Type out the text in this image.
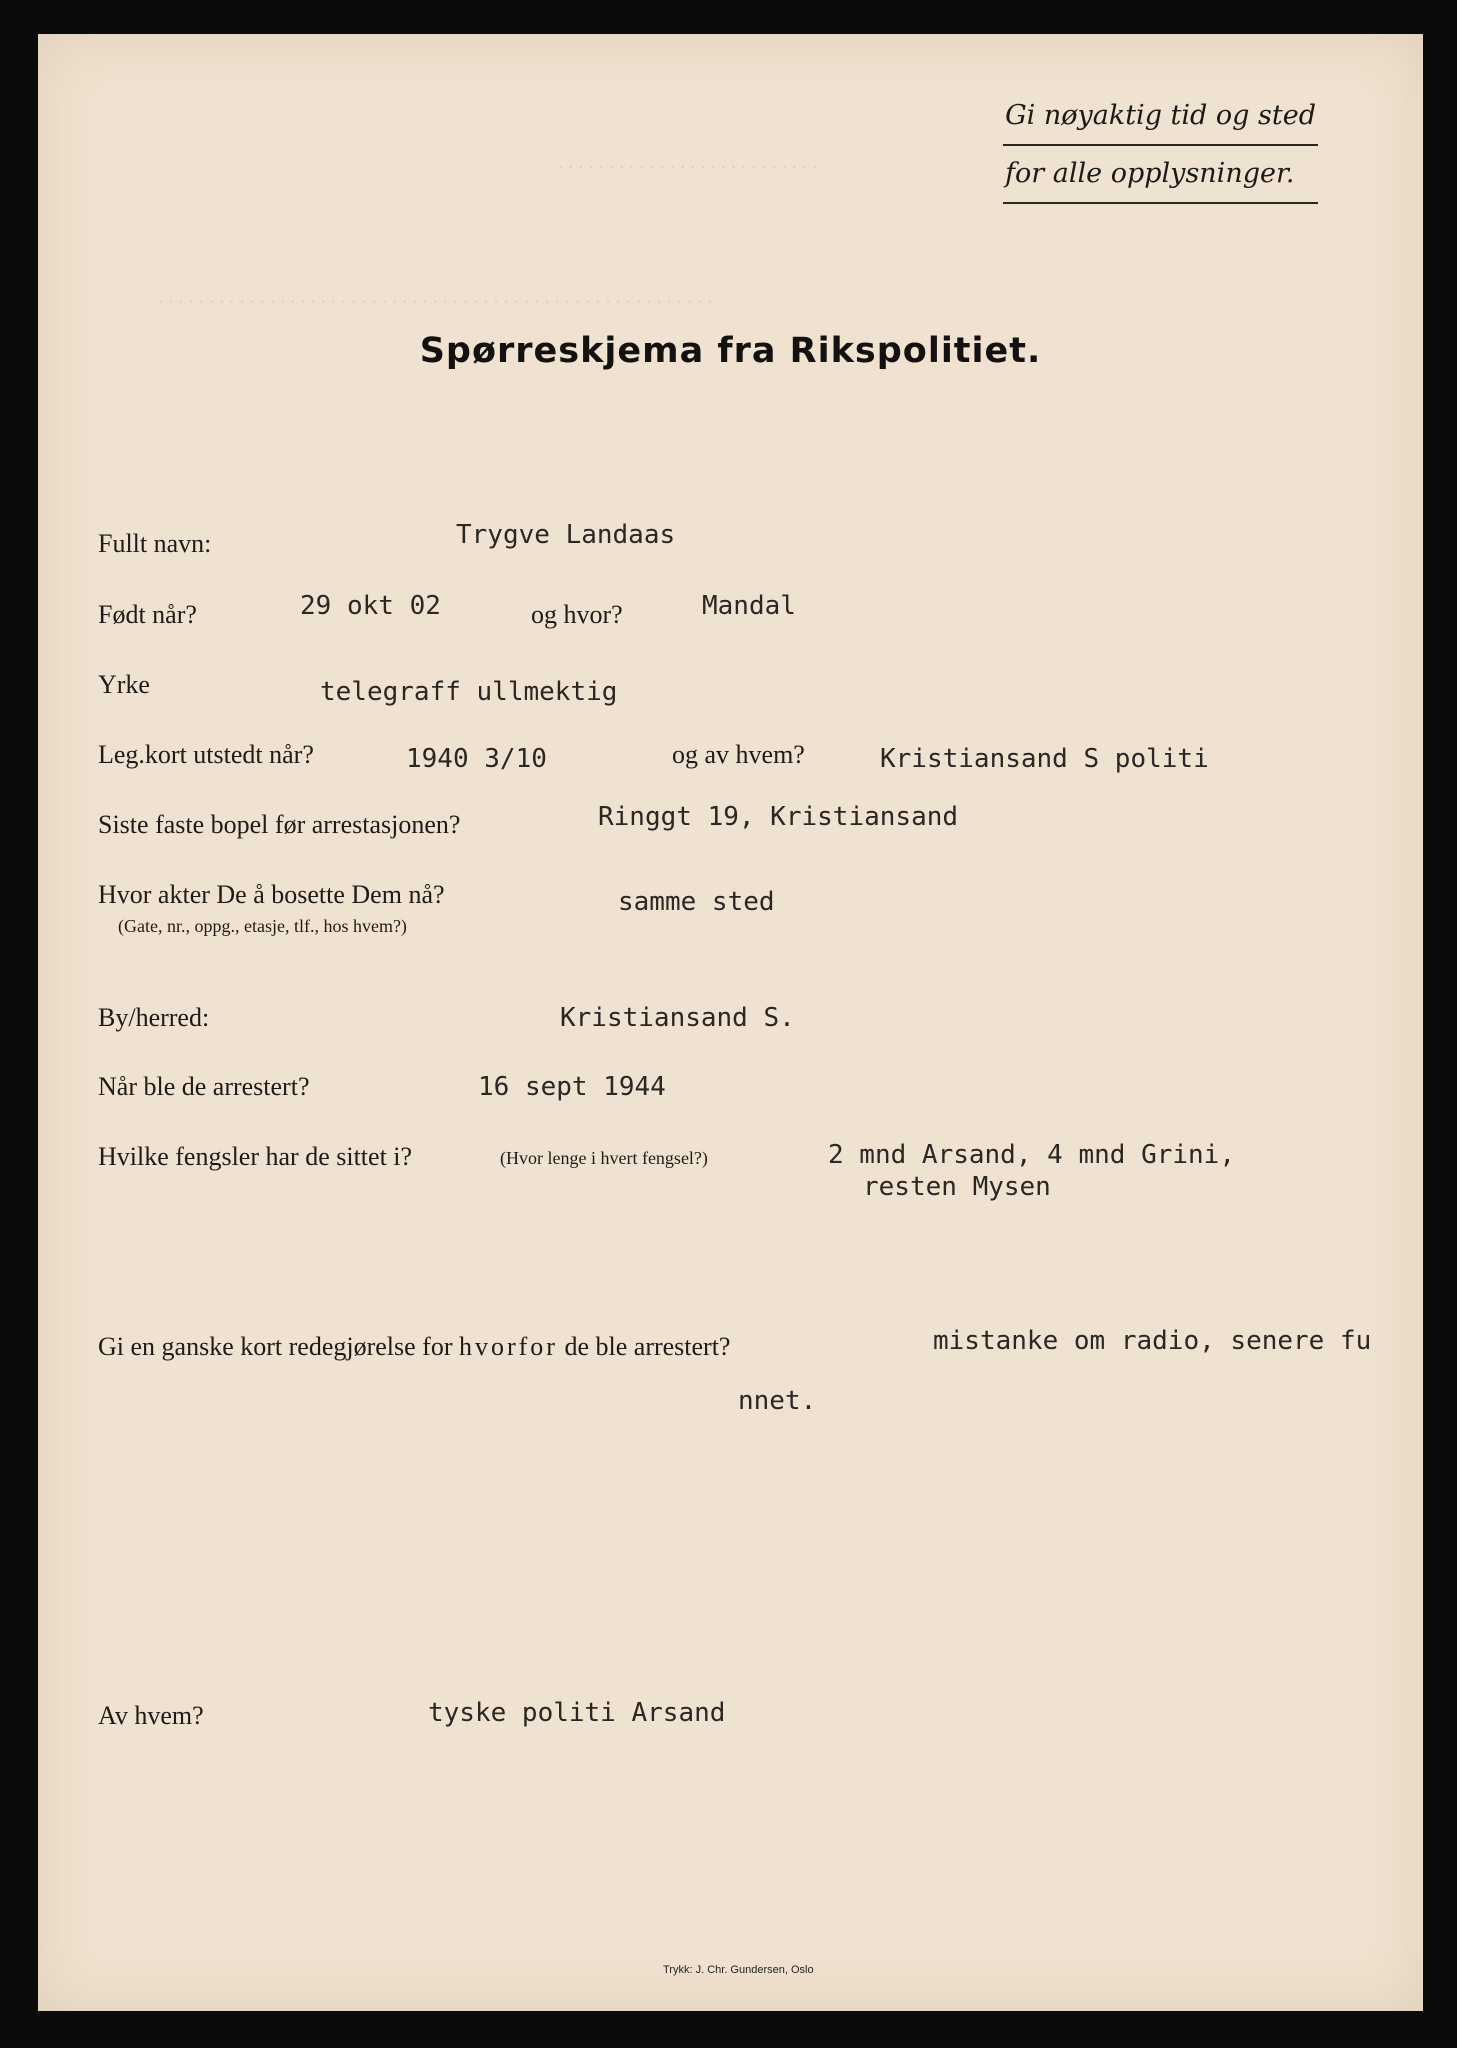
Gi nøyaktig tid og sted
for alle opplysninger.
· · · · · · · · · · · · · · · · · · · · · · · · · ·
· · · · · · · · · · · · · · · · · · · · · · · · · · · · · · · · · · · · · · · · · · · · · · · · · · · · · · ·
Spørreskjema fra Rikspolitiet.
Fullt navn:	Trygve Landaas
Født når?	29 okt 02	og hvor?	Mandal
Yrke	telegraff ullmektig
Leg.kort utstedt når?	1940 3/10	og av hvem?	Kristiansand S politi
Siste faste bopel før arrestasjonen?	Ringgt 19, Kristiansand
Hvor akter De å bosette Dem nå?
(Gate, nr., oppg., etasje, tlf., hos hvem?)
samme sted
By/herred:	Kristiansand S.
Når ble de arrestert?	16 sept 1944
Hvilke fengsler har de sittet i?	(Hvor lenge i hvert fengsel?)	2 mnd Arsand, 4 mnd Grini,
resten Mysen
Gi en ganske kort redegjørelse for hvorfor de ble arrestert?	mistanke om radio, senere fu
nnet.
Av hvem?	tyske politi Arsand
Trykk: J. Chr. Gundersen, Oslo
